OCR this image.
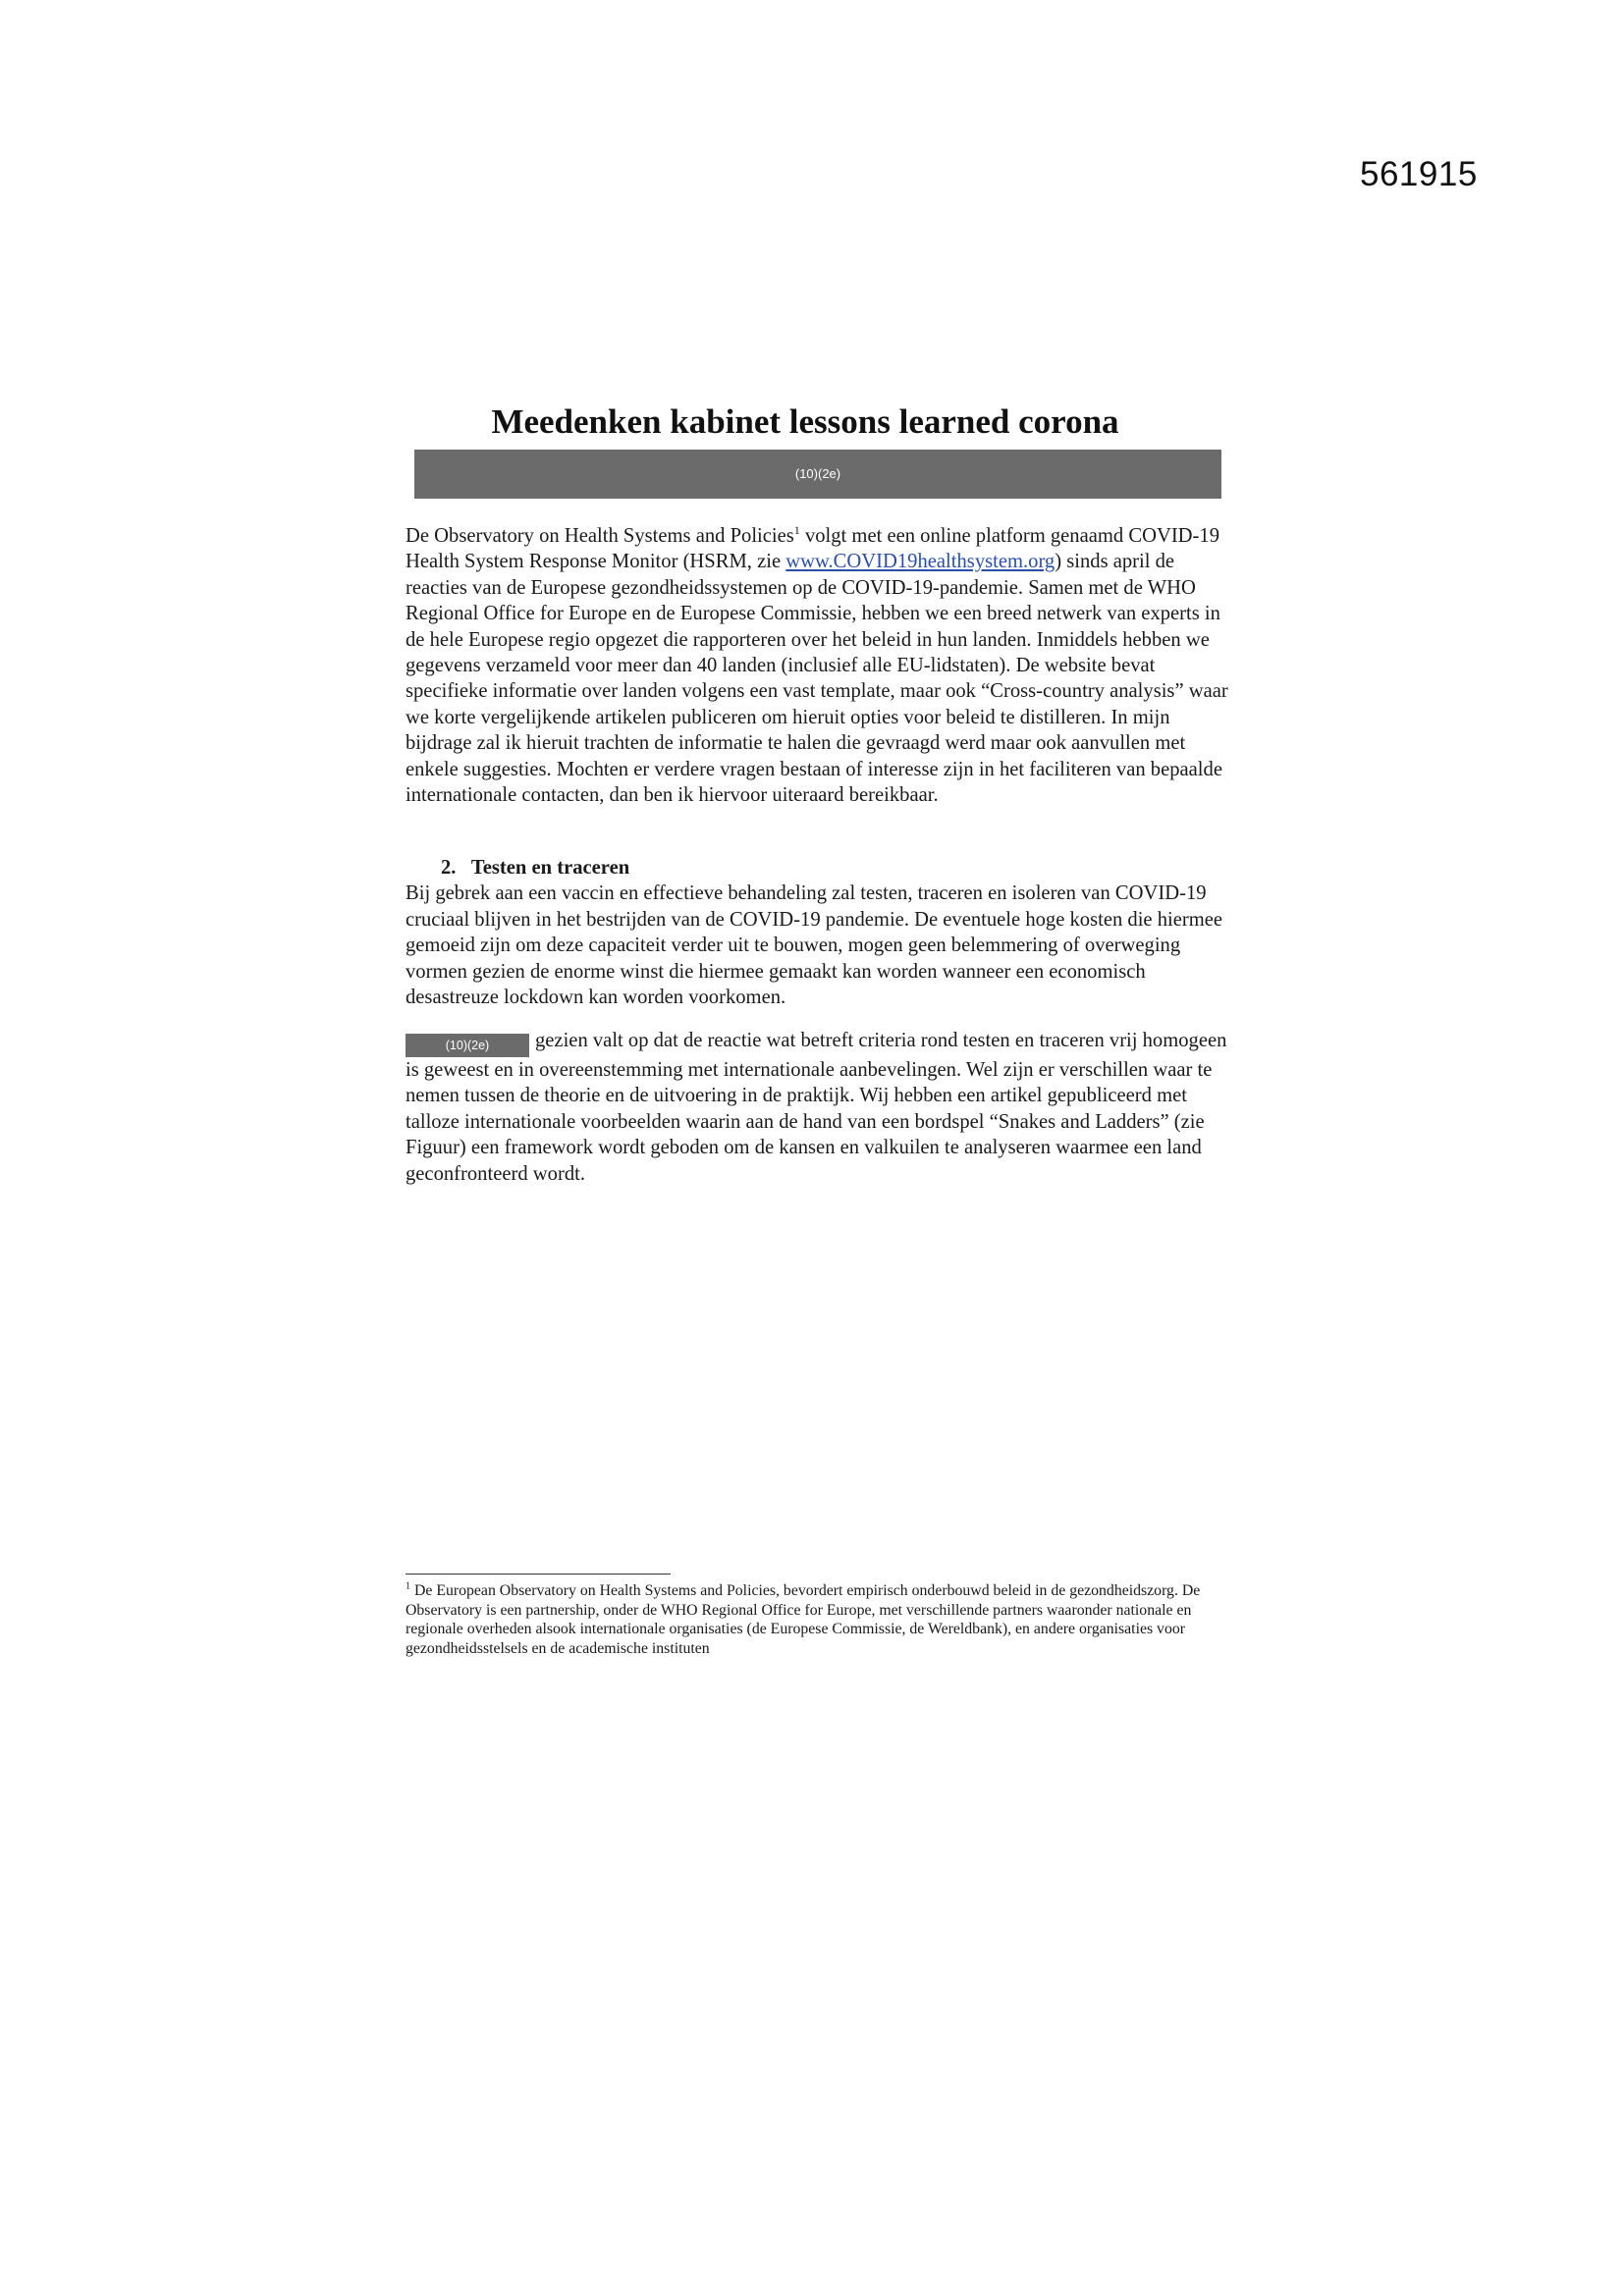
561915
Meedenken kabinet lessons learned corona
(10)(2e)

De Observatory on Health Systems and Policies$^1$ volgt met een online platform genaamd COVID-19 Health System Response Monitor (HSRM, zie www.COVID19healthsystem.org) sinds april de reacties van de Europese gezondheidssystemen op de COVID-19-pandemie. Samen met de WHO Regional Office for Europe en de Europese Commissie, hebben we een breed netwerk van experts in de hele Europese regio opgezet die rapporteren over het beleid in hun landen. Inmiddels hebben we gegevens verzameld voor meer dan 40 landen (inclusief alle EU-lidstaten). De website bevat specifieke informatie over landen volgens een vast template, maar ook “Cross-country analysis” waar we korte vergelijkende artikelen publiceren om hieruit opties voor beleid te distilleren. In mijn bijdrage zal ik hieruit trachten de informatie te halen die gevraagd werd maar ook aanvullen met enkele suggesties. Mochten er verdere vragen bestaan of interesse zijn in het faciliteren van bepaalde internationale contacten, dan ben ik hiervoor uiteraard bereikbaar.

2.   Testen en traceren

Bij gebrek aan een vaccin en effectieve behandeling zal testen, traceren en isoleren van COVID-19 cruciaal blijven in het bestrijden van de COVID-19 pandemie. De eventuele hoge kosten die hiermee gemoeid zijn om deze capaciteit verder uit te bouwen, mogen geen belemmering of overweging vormen gezien de enorme winst die hiermee gemaakt kan worden wanneer een economisch desastreuze lockdown kan worden voorkomen.

(10)(2e) gezien valt op dat de reactie wat betreft criteria rond testen en traceren vrij homogeen is geweest en in overeenstemming met internationale aanbevelingen. Wel zijn er verschillen waar te nemen tussen de theorie en de uitvoering in de praktijk. Wij hebben een artikel gepubliceerd met talloze internationale voorbeelden waarin aan de hand van een bordspel “Snakes and Ladders” (zie Figuur) een framework wordt geboden om de kansen en valkuilen te analyseren waarmee een land geconfronteerd wordt.

$^1$ De European Observatory on Health Systems and Policies, bevordert empirisch onderbouwd beleid in de gezondheidszorg. De Observatory is een partnership, onder de WHO Regional Office for Europe, met verschillende partners waaronder nationale en regionale overheden alsook internationale organisaties (de Europese Commissie, de Wereldbank), en andere organisaties voor gezondheidsstelsels en de academische instituten
